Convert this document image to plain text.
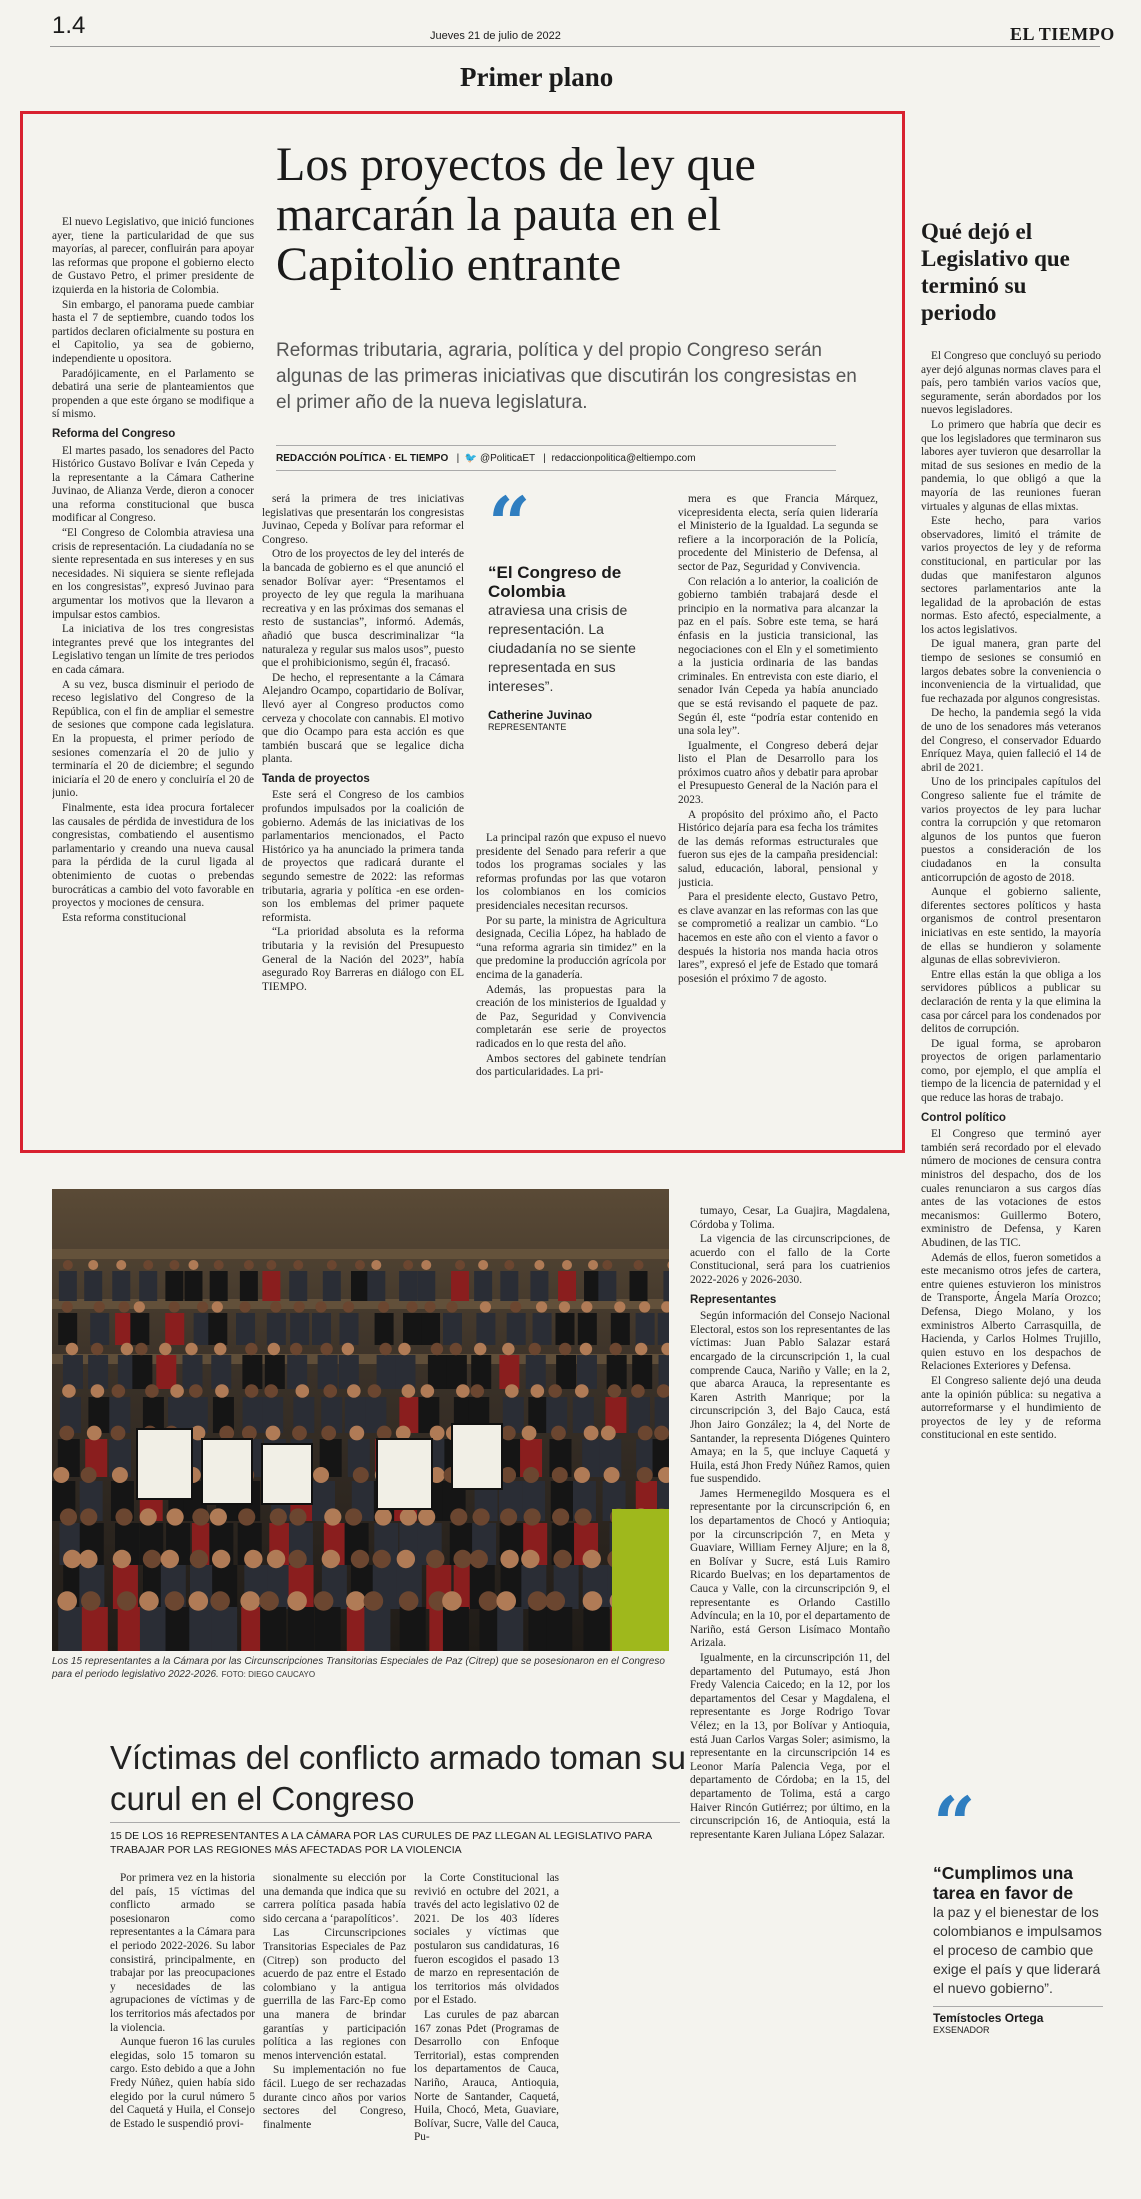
1.4	Jueves 21 de julio de 2022	EL TIEMPO
Primer plano
Los proyectos de ley que marcarán la pauta en el Capitolio entrante
Reformas tributaria, agraria, política y del propio Congreso serán algunas de las primeras iniciativas que discutirán los congresistas en el primer año de la nueva legislatura.
REDACCIÓN POLÍTICA · EL TIEMPO   |  🐦 @PoliticaET   |  redaccionpolitica@eltiempo.com

El nuevo Legislativo, que inició funciones ayer, tiene la particularidad de que sus mayorías, al parecer, confluirán para apoyar las reformas que propone el gobierno electo de Gustavo Petro, el primer presidente de izquierda en la historia de Colombia.

Sin embargo, el panorama puede cambiar hasta el 7 de septiembre, cuando todos los partidos declaren oficialmente su postura en el Capitolio, ya sea de gobierno, independiente u opositora.

Paradójicamente, en el Parlamento se debatirá una serie de planteamientos que propenden a que este órgano se modifique a sí mismo.

Reforma del Congreso

El martes pasado, los senadores del Pacto Histórico Gustavo Bolívar e Iván Cepeda y la representante a la Cámara Catherine Juvinao, de Alianza Verde, dieron a conocer una reforma constitucional que busca modificar al Congreso.

“El Congreso de Colombia atraviesa una crisis de representación. La ciudadanía no se siente representada en sus intereses y en sus necesidades. Ni siquiera se siente reflejada en los congresistas”, expresó Juvinao para argumentar los motivos que la llevaron a impulsar estos cambios.

La iniciativa de los tres congresistas integrantes prevé que los integrantes del Legislativo tengan un límite de tres periodos en cada cámara.

A su vez, busca disminuir el periodo de receso legislativo del Congreso de la República, con el fin de ampliar el semestre de sesiones que compone cada legislatura. En la propuesta, el primer período de sesiones comenzaría el 20 de julio y terminaría el 20 de diciembre; el segundo iniciaría el 20 de enero y concluiría el 20 de junio.

Finalmente, esta idea procura fortalecer las causales de pérdida de investidura de los congresistas, combatiendo el ausentismo parlamentario y creando una nueva causal para la pérdida de la curul ligada al obtenimiento de cuotas o prebendas burocráticas a cambio del voto favorable en proyectos y mociones de censura.

Esta reforma constitucional

será la primera de tres iniciativas legislativas que presentarán los congresistas Juvinao, Cepeda y Bolívar para reformar el Congreso.

Otro de los proyectos de ley del interés de la bancada de gobierno es el que anunció el senador Bolívar ayer: “Presentamos el proyecto de ley que regula la marihuana recreativa y en las próximas dos semanas el resto de sustancias”, informó. Además, añadió que busca descriminalizar “la naturaleza y regular sus malos usos”, puesto que el prohibicionismo, según él, fracasó.

De hecho, el representante a la Cámara Alejandro Ocampo, copartidario de Bolívar, llevó ayer al Congreso productos como cerveza y chocolate con cannabis. El motivo que dio Ocampo para esta acción es que también buscará que se legalice dicha planta.

Tanda de proyectos

Este será el Congreso de los cambios profundos impulsados por la coalición de gobierno. Además de las iniciativas de los parlamentarios mencionados, el Pacto Histórico ya ha anunciado la primera tanda de proyectos que radicará durante el segundo semestre de 2022: las reformas tributaria, agraria y política -en ese orden- son los emblemas del primer paquete reformista.

“La prioridad absoluta es la reforma tributaria y la revisión del Presupuesto General de la Nación del 2023”, había asegurado Roy Barreras en diálogo con EL TIEMPO.

La principal razón que expuso el nuevo presidente del Senado para referir a que todos los programas sociales y las reformas profundas por las que votaron los colombianos en los comicios presidenciales necesitan recursos.

Por su parte, la ministra de Agricultura designada, Cecilia López, ha hablado de “una reforma agraria sin timidez” en la que predomine la producción agrícola por encima de la ganadería.

Además, las propuestas para la creación de los ministerios de Igualdad y de Paz, Seguridad y Convivencia completarán ese serie de proyectos radicados en lo que resta del año.

Ambos sectores del gabinete tendrían dos particularidades. La pri-

mera es que Francia Márquez, vicepresidenta electa, sería quien lideraría el Ministerio de la Igualdad. La segunda se refiere a la incorporación de la Policía, procedente del Ministerio de Defensa, al sector de Paz, Seguridad y Convivencia.

Con relación a lo anterior, la coalición de gobierno también trabajará desde el principio en la normativa para alcanzar la paz en el país. Sobre este tema, se hará énfasis en la justicia transicional, las negociaciones con el Eln y el sometimiento a la justicia ordinaria de las bandas criminales. En entrevista con este diario, el senador Iván Cepeda ya había anunciado que se está revisando el paquete de paz. Según él, este “podría estar contenido en una sola ley”.

Igualmente, el Congreso deberá dejar listo el Plan de Desarrollo para los próximos cuatro años y debatir para aprobar el Presupuesto General de la Nación para el 2023.

A propósito del próximo año, el Pacto Histórico dejaría para esa fecha los trámites de las demás reformas estructurales que fueron sus ejes de la campaña presidencial: salud, educación, laboral, pensional y justicia.

Para el presidente electo, Gustavo Petro, es clave avanzar en las reformas con las que se comprometió a realizar un cambio. “Lo hacemos en este año con el viento a favor o después la historia nos manda hacia otros lares”, expresó el jefe de Estado que tomará posesión el próximo 7 de agosto.

“
“El Congreso de Colombia
atraviesa una crisis de representación. La ciudadanía no se siente representada en sus intereses”.
Catherine Juvinao
REPRESENTANTE
Qué dejó el Legislativo que terminó su periodo

El Congreso que concluyó su periodo ayer dejó algunas normas claves para el país, pero también varios vacíos que, seguramente, serán abordados por los nuevos legisladores.

Lo primero que habría que decir es que los legisladores que terminaron sus labores ayer tuvieron que desarrollar la mitad de sus sesiones en medio de la pandemia, lo que obligó a que la mayoría de las reuniones fueran virtuales y algunas de ellas mixtas.

Este hecho, para varios observadores, limitó el trámite de varios proyectos de ley y de reforma constitucional, en particular por las dudas que manifestaron algunos sectores parlamentarios ante la legalidad de la aprobación de estas normas. Esto afectó, especialmente, a los actos legislativos.

De igual manera, gran parte del tiempo de sesiones se consumió en largos debates sobre la conveniencia o inconveniencia de la virtualidad, que fue rechazada por algunos congresistas.

De hecho, la pandemia segó la vida de uno de los senadores más veteranos del Congreso, el conservador Eduardo Enríquez Maya, quien falleció el 14 de abril de 2021.

Uno de los principales capítulos del Congreso saliente fue el trámite de varios proyectos de ley para luchar contra la corrupción y que retomaron algunos de los puntos que fueron puestos a consideración de los ciudadanos en la consulta anticorrupción de agosto de 2018.

Aunque el gobierno saliente, diferentes sectores políticos y hasta organismos de control presentaron iniciativas en este sentido, la mayoría de ellas se hundieron y solamente algunas de ellas sobrevivieron.

Entre ellas están la que obliga a los servidores públicos a publicar su declaración de renta y la que elimina la casa por cárcel para los condenados por delitos de corrupción.

De igual forma, se aprobaron proyectos de origen parlamentario como, por ejemplo, el que amplía el tiempo de la licencia de paternidad y el que reduce las horas de trabajo.

Control político

El Congreso que terminó ayer también será recordado por el elevado número de mociones de censura contra ministros del despacho, dos de los cuales renunciaron a sus cargos días antes de las votaciones de estos mecanismos: Guillermo Botero, exministro de Defensa, y Karen Abudinen, de las TIC.

Además de ellos, fueron sometidos a este mecanismo otros jefes de cartera, entre quienes estuvieron los ministros de Transporte, Ángela María Orozco; Defensa, Diego Molano, y los exministros Alberto Carrasquilla, de Hacienda, y Carlos Holmes Trujillo, quien estuvo en los despachos de Relaciones Exteriores y Defensa.

El Congreso saliente dejó una deuda ante la opinión pública: su negativa a autorreformarse y el hundimiento de proyectos de ley y de reforma constitucional en este sentido.

“
“Cumplimos una tarea en favor de
la paz y el bienestar de los colombianos e impulsamos el proceso de cambio que exige el país y que liderará el nuevo gobierno”.
Temístocles Ortega
EXSENADOR
Los 15 representantes a la Cámara por las Circunscripciones Transitorias Especiales de Paz (Citrep) que se posesionaron en el Congreso para el periodo legislativo 2022-2026. FOTO: DIEGO CAUCAYO
Víctimas del conflicto armado toman su curul en el Congreso
15 DE LOS 16 REPRESENTANTES A LA CÁMARA POR LAS CURULES DE PAZ LLEGAN AL LEGISLATIVO PARA TRABAJAR POR LAS REGIONES MÁS AFECTADAS POR LA VIOLENCIA

Por primera vez en la historia del país, 15 víctimas del conflicto armado se posesionaron como representantes a la Cámara para el periodo 2022-2026. Su labor consistirá, principalmente, en trabajar por las preocupaciones y necesidades de las agrupaciones de víctimas y de los territorios más afectados por la violencia.

Aunque fueron 16 las curules elegidas, solo 15 tomaron su cargo. Esto debido a que a John Fredy Núñez, quien había sido elegido por la curul número 5 del Caquetá y Huila, el Consejo de Estado le suspendió provi-

sionalmente su elección por una demanda que indica que su carrera política pasada había sido cercana a ‘parapolíticos’.

Las Circunscripciones Transitorias Especiales de Paz (Citrep) son producto del acuerdo de paz entre el Estado colombiano y la antigua guerrilla de las Farc-Ep como una manera de brindar garantías y participación política a las regiones con menos intervención estatal.

Su implementación no fue fácil. Luego de ser rechazadas durante cinco años por varios sectores del Congreso, finalmente

la Corte Constitucional las revivió en octubre del 2021, a través del acto legislativo 02 de 2021. De los 403 líderes sociales y víctimas que postularon sus candidaturas, 16 fueron escogidos el pasado 13 de marzo en representación de los territorios más olvidados por el Estado.

Las curules de paz abarcan 167 zonas Pdet (Programas de Desarrollo con Enfoque Territorial), estas comprenden los departamentos de Cauca, Nariño, Arauca, Antioquia, Norte de Santander, Caquetá, Huila, Chocó, Meta, Guaviare, Bolívar, Sucre, Valle del Cauca, Pu-

tumayo, Cesar, La Guajira, Magdalena, Córdoba y Tolima.

La vigencia de las circunscripciones, de acuerdo con el fallo de la Corte Constitucional, será para los cuatrienios 2022-2026 y 2026-2030.

Representantes

Según información del Consejo Nacional Electoral, estos son los representantes de las víctimas: Juan Pablo Salazar estará encargado de la circunscripción 1, la cual comprende Cauca, Nariño y Valle; en la 2, que abarca Arauca, la representante es Karen Astrith Manrique; por la circunscripción 3, del Bajo Cauca, está Jhon Jairo González; la 4, del Norte de Santander, la representa Diógenes Quintero Amaya; en la 5, que incluye Caquetá y Huila, está Jhon Fredy Núñez Ramos, quien fue suspendido.

James Hermenegildo Mosquera es el representante por la circunscripción 6, en los departamentos de Chocó y Antioquia; por la circunscripción 7, en Meta y Guaviare, William Ferney Aljure; en la 8, en Bolívar y Sucre, está Luis Ramiro Ricardo Buelvas; en los departamentos de Cauca y Valle, con la circunscripción 9, el representante es Orlando Castillo Advíncula; en la 10, por el departamento de Nariño, está Gerson Lisímaco Montaño Arizala.

Igualmente, en la circunscripción 11, del departamento del Putumayo, está Jhon Fredy Valencia Caicedo; en la 12, por los departamentos del Cesar y Magdalena, el representante es Jorge Rodrigo Tovar Vélez; en la 13, por Bolívar y Antioquia, está Juan Carlos Vargas Soler; asimismo, la representante en la circunscripción 14 es Leonor María Palencia Vega, por el departamento de Córdoba; en la 15, del departamento de Tolima, está a cargo Haiver Rincón Gutiérrez; por último, en la circunscripción 16, de Antioquia, está la representante Karen Juliana López Salazar.
